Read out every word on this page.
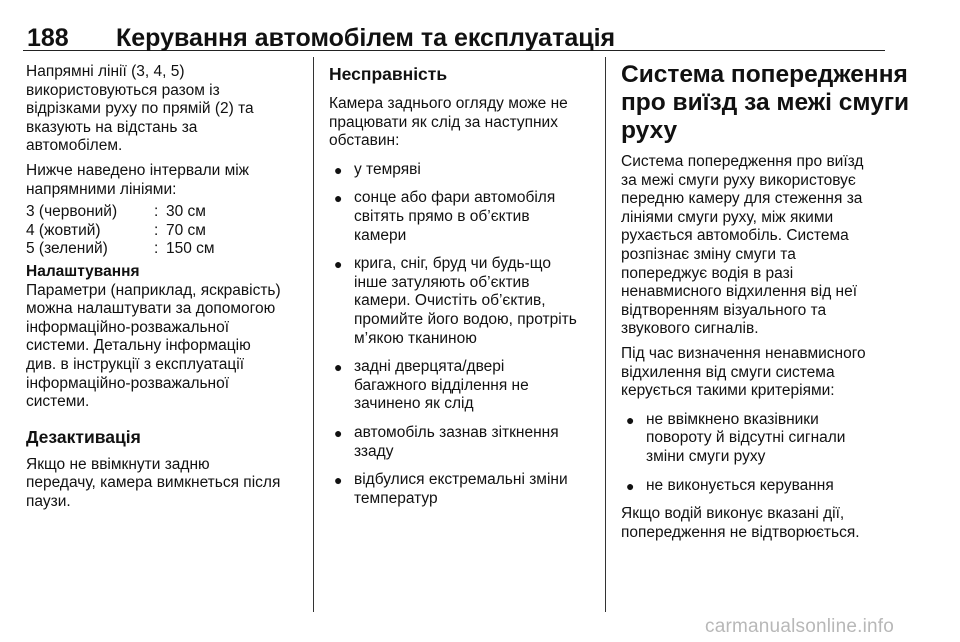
188 Керування автомобілем та експлуатація

Напрямні лінії (3, 4, 5)
використовуються разом із
відрізками руху по прямій (2) та
вказують на відстань за
автомобілем.

Нижче наведено інтервали між
напрямними лініями:

3 (червоний)	:	30 см
4 (жовтий)	:	70 см
5 (зелений)	:	150 см
Налаштування

Параметри (наприклад, яскравість)
можна налаштувати за допомогою
інформаційно-розважальної
системи. Детальну інформацію
див. в інструкції з експлуатації
інформаційно-розважальної
системи.

Дезактивація

Якщо не ввімкнути задню
передачу, камера вимкнеться після
паузи.

Несправність

Камера заднього огляду може не
працювати як слід за наступних
обставин:

● у темряві
● сонце або фари автомобіля
світять прямо в об’єктив
камери
● крига, сніг, бруд чи будь-що
інше затуляють об’єктив
камери. Очистіть об’єктив,
промийте його водою, протріть
м’якою тканиною
● задні дверцята/двері
багажного відділення не
зачинено як слід
● автомобіль зазнав зіткнення
ззаду
● відбулися екстремальні зміни
температур
Система попередження
про виїзд за межі смуги
руху

Система попередження про виїзд
за межі смуги руху використовує
передню камеру для стеження за
лініями смуги руху, між якими
рухається автомобіль. Система
розпізнає зміну смуги та
попереджує водія в разі
ненавмисного відхилення від неї
відтворенням візуального та
звукового сигналів.

Під час визначення ненавмисного
відхилення від смуги система
керується такими критеріями:

● не ввімкнено вказівники
повороту й відсутні сигнали
зміни смуги руху
● не виконується керування

Якщо водій виконує вказані дії,
попередження не відтворюється.

carmanualsonline.info
